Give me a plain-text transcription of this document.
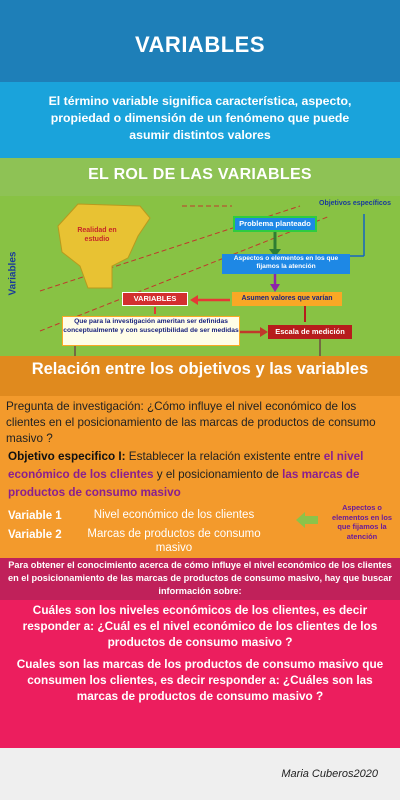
VARIABLES
El término variable significa característica, aspecto, propiedad o dimensión de un fenómeno que puede asumir distintos valores
EL ROL DE LAS VARIABLES
Variables
Realidad en estudio
Problema planteado
Objetivos específicos
Aspectos o elementos en los que fijamos la atención
VARIABLES	Asumen valores que varían
Que para la investigación ameritan ser definidas conceptualmente y con susceptibilidad de ser medidas	Escala de medición
Relación entre los objetivos y las variables
Pregunta de investigación: ¿Cómo influye el nivel económico de los clientes en el posicionamiento de las marcas de productos de consumo masivo ?
Objetivo especifico I: Establecer la relación existente entre el nivel económico de los clientes y el posicionamiento de las marcas de productos de consumo masivo
Variable 1	Nivel económico de los clientes
Variable 2	Marcas de productos de consumo masivo
Aspectos o elementos en los que fijamos la atención
Para obtener el conocimiento acerca de cómo influye el nivel económico de los clientes en el posicionamiento de las marcas de productos de consumo masivo, hay que buscar información sobre:
Cuáles son los niveles económicos de los clientes, es decir responder a: ¿Cuál es el nivel económico de los clientes de los productos de consumo masivo ?
Cuales son las marcas de los productos de consumo masivo que consumen los clientes, es decir responder a: ¿Cuáles son las marcas de productos de consumo masivo ?
Maria Cuberos2020
